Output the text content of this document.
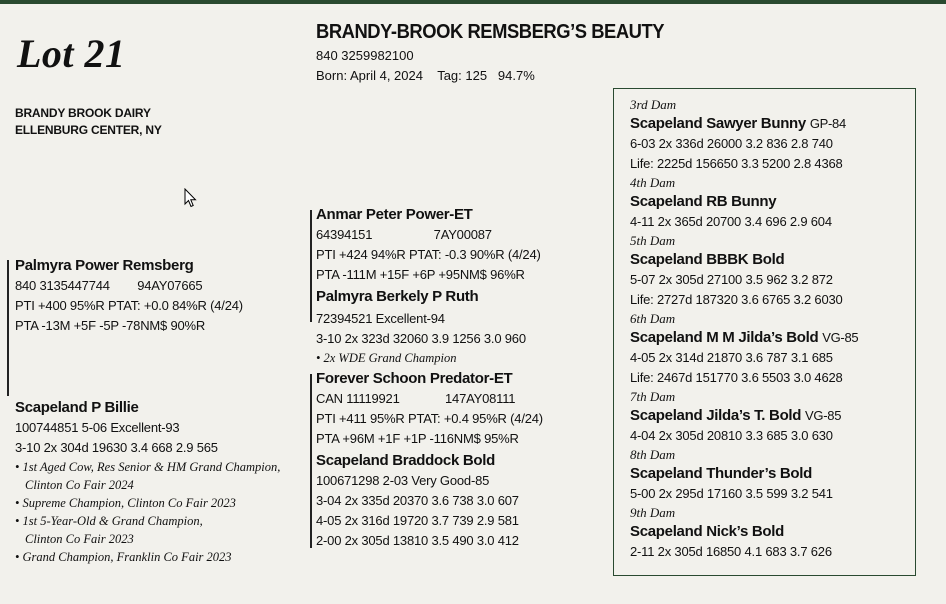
Lot 21
BRANDY BROOK DAIRY
ELLENBURG CENTER, NY
BRANDY-BROOK REMSBERG’S BEAUTY
840 3259982100
Born: April 4, 2024 Tag: 125 94.7%
Palmyra Power Remsberg
840 3135447744 94AY07665
PTI +400 95%R PTAT: +0.0 84%R (4/24)
PTA -13M +5F -5P -78NM$ 90%R
Scapeland P Billie
100744851 5-06 Excellent-93
3-10 2x 304d 19630 3.4 668 2.9 565
• 1st Aged Cow, Res Senior & HM Grand Champion,
Clinton Co Fair 2024
• Supreme Champion, Clinton Co Fair 2023
• 1st 5-Year-Old & Grand Champion,
Clinton Co Fair 2023
• Grand Champion, Franklin Co Fair 2023
Anmar Peter Power-ET
64394151	7AY00087
PTI +424 94%R PTAT: -0.3 90%R (4/24)
PTA -111M +15F +6P +95NM$ 96%R
Palmyra Berkely P Ruth
72394521 Excellent-94
3-10 2x 323d 32060 3.9 1256 3.0 960
• 2x WDE Grand Champion
Forever Schoon Predator-ET
CAN 11119921	147AY08111
PTI +411 95%R PTAT: +0.4 95%R (4/24)
PTA +96M +1F +1P -116NM$ 95%R
Scapeland Braddock Bold
100671298 2-03 Very Good-85
3-04 2x 335d 20370 3.6 738 3.0 607
4-05 2x 316d 19720 3.7 739 2.9 581
2-00 2x 305d 13810 3.5 490 3.0 412
3rd Dam
Scapeland Sawyer Bunny GP-84
6-03 2x 336d 26000 3.2 836 2.8 740
Life: 2225d 156650 3.3 5200 2.8 4368
4th Dam
Scapeland RB Bunny
4-11 2x 365d 20700 3.4 696 2.9 604
5th Dam
Scapeland BBBK Bold
5-07 2x 305d 27100 3.5 962 3.2 872
Life: 2727d 187320 3.6 6765 3.2 6030
6th Dam
Scapeland M M Jilda’s Bold VG-85
4-05 2x 314d 21870 3.6 787 3.1 685
Life: 2467d 151770 3.6 5503 3.0 4628
7th Dam
Scapeland Jilda’s T. Bold VG-85
4-04 2x 305d 20810 3.3 685 3.0 630
8th Dam
Scapeland Thunder’s Bold
5-00 2x 295d 17160 3.5 599 3.2 541
9th Dam
Scapeland Nick’s Bold
2-11 2x 305d 16850 4.1 683 3.7 626
